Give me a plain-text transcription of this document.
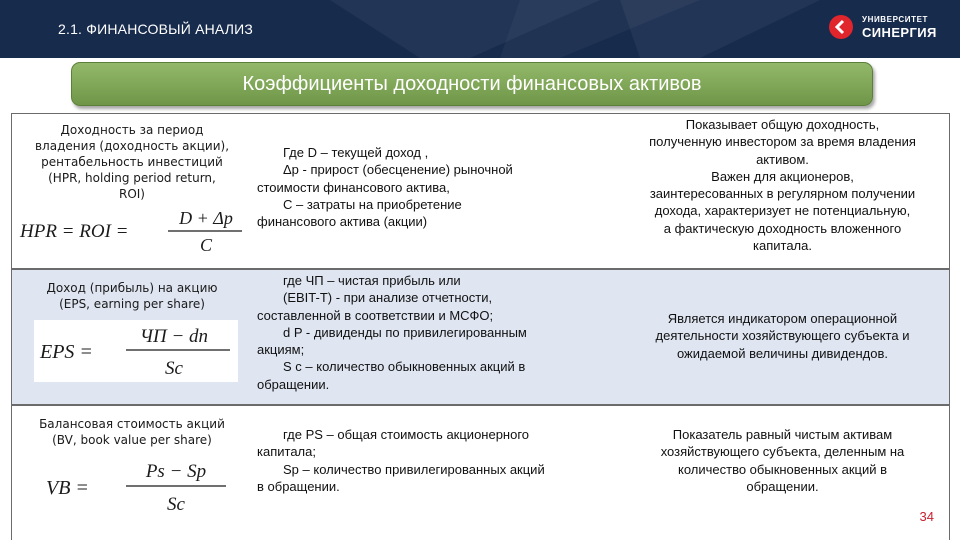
2.1. ФИНАНСОВЫЙ АНАЛИЗ
УНИВЕРСИТЕТ
СИНЕРГИЯ
Коэффициенты доходности финансовых активов
Доходность за период
владения (доходность акции),
рентабельность инвестиций
(HPR, holding period return,
ROI)
HPR = ROI =
D + Δp
C
Где D – текущей доход ,
Δp - прирост (обесценение) рыночной
стоимости финансового актива,
C – затраты на приобретение
финансового актива (акции)
Показывает общую доходность,
полученную инвестором за время владения
активом.
Важен для акционеров,
заинтересованных в регулярном получении
дохода, характеризует не потенциальную,
а фактическую доходность вложенного
капитала.
Доход (прибыль) на акцию
(EPS, earning per share)
EPS =
ЧП − dn
Sc
где ЧП – чистая прибыль или
(EBIT-T) - при анализе отчетности,
составленной в соответствии и МСФО;
d P - дивиденды по привилегированным
акциям;
S c – количество обыкновенных акций в
обращении.
Является индикатором операционной
деятельности хозяйствующего субъекта и
ожидаемой величины дивидендов.
Балансовая стоимость акций
(BV, book value per share)
VB =
Ps − Sp
Sc
где PS – общая стоимость акционерного
капитала;
Sp – количество привилегированных акций
в обращении.
Показатель равный чистым активам
хозяйствующего субъекта, деленным на
количество обыкновенных акций в
обращении.
34
